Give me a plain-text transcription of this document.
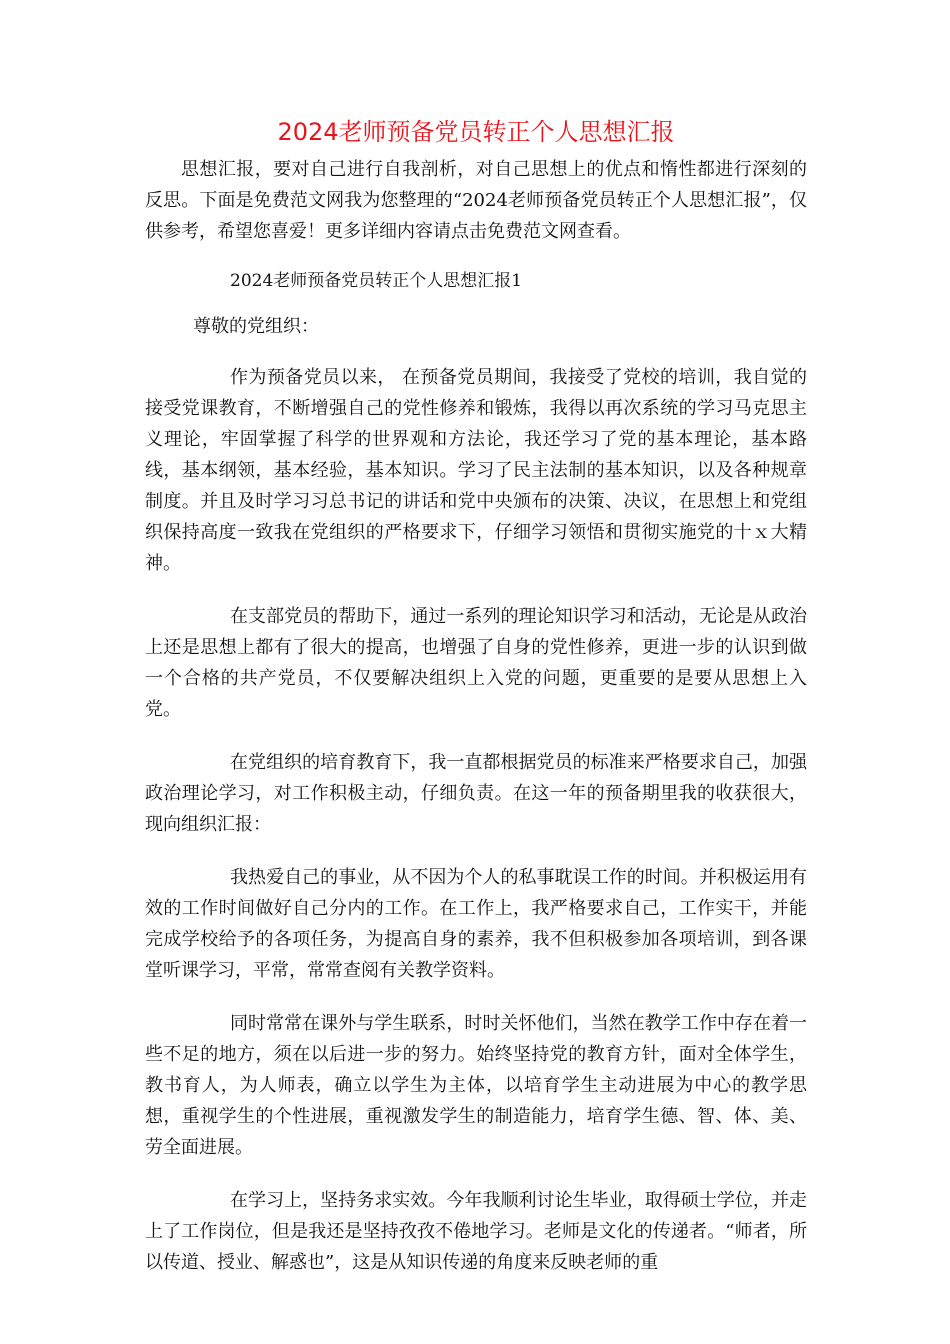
2024老师预备党员转正个人思想汇报

思想汇报，要对自己进行自我剖析，对自己思想上的优点和惰性都进行深刻的反思。下面是免费范文网我为您整理的“2024老师预备党员转正个人思想汇报”，仅供参考，希望您喜爱！更多详细内容请点击免费范文网查看。

2024老师预备党员转正个人思想汇报1

尊敬的党组织：

作为预备党员以来， 在预备党员期间，我接受了党校的培训，我自觉的接受党课教育，不断增强自己的党性修养和锻炼，我得以再次系统的学习马克思主义理论，牢固掌握了科学的世界观和方法论，我还学习了党的基本理论，基本路线，基本纲领，基本经验，基本知识。学习了民主法制的基本知识，以及各种规章制度。并且及时学习习总书记的讲话和党中央颁布的决策、决议，在思想上和党组织保持高度一致我在党组织的严格要求下，仔细学习领悟和贯彻实施党的十ｘ大精神。

在支部党员的帮助下，通过一系列的理论知识学习和活动，无论是从政治上还是思想上都有了很大的提高，也增强了自身的党性修养，更进一步的认识到做一个合格的共产党员，不仅要解决组织上入党的问题，更重要的是要从思想上入党。

在党组织的培育教育下，我一直都根据党员的标准来严格要求自己，加强政治理论学习，对工作积极主动，仔细负责。在这一年的预备期里我的收获很大，现向组织汇报：

我热爱自己的事业，从不因为个人的私事耽误工作的时间。并积极运用有效的工作时间做好自己分内的工作。在工作上，我严格要求自己，工作实干，并能完成学校给予的各项任务，为提高自身的素养，我不但积极参加各项培训，到各课堂听课学习，平常，常常查阅有关教学资料。

同时常常在课外与学生联系，时时关怀他们，当然在教学工作中存在着一些不足的地方，须在以后进一步的努力。始终坚持党的教育方针，面对全体学生，教书育人，为人师表，确立以学生为主体，以培育学生主动进展为中心的教学思想，重视学生的个性进展，重视激发学生的制造能力，培育学生德、智、体、美、劳全面进展。

在学习上，坚持务求实效。今年我顺利讨论生毕业，取得硕士学位，并走上了工作岗位，但是我还是坚持孜孜不倦地学习。老师是文化的传递者。“师者，所以传道、授业、解惑也”，这是从知识传递的角度来反映老师的重
